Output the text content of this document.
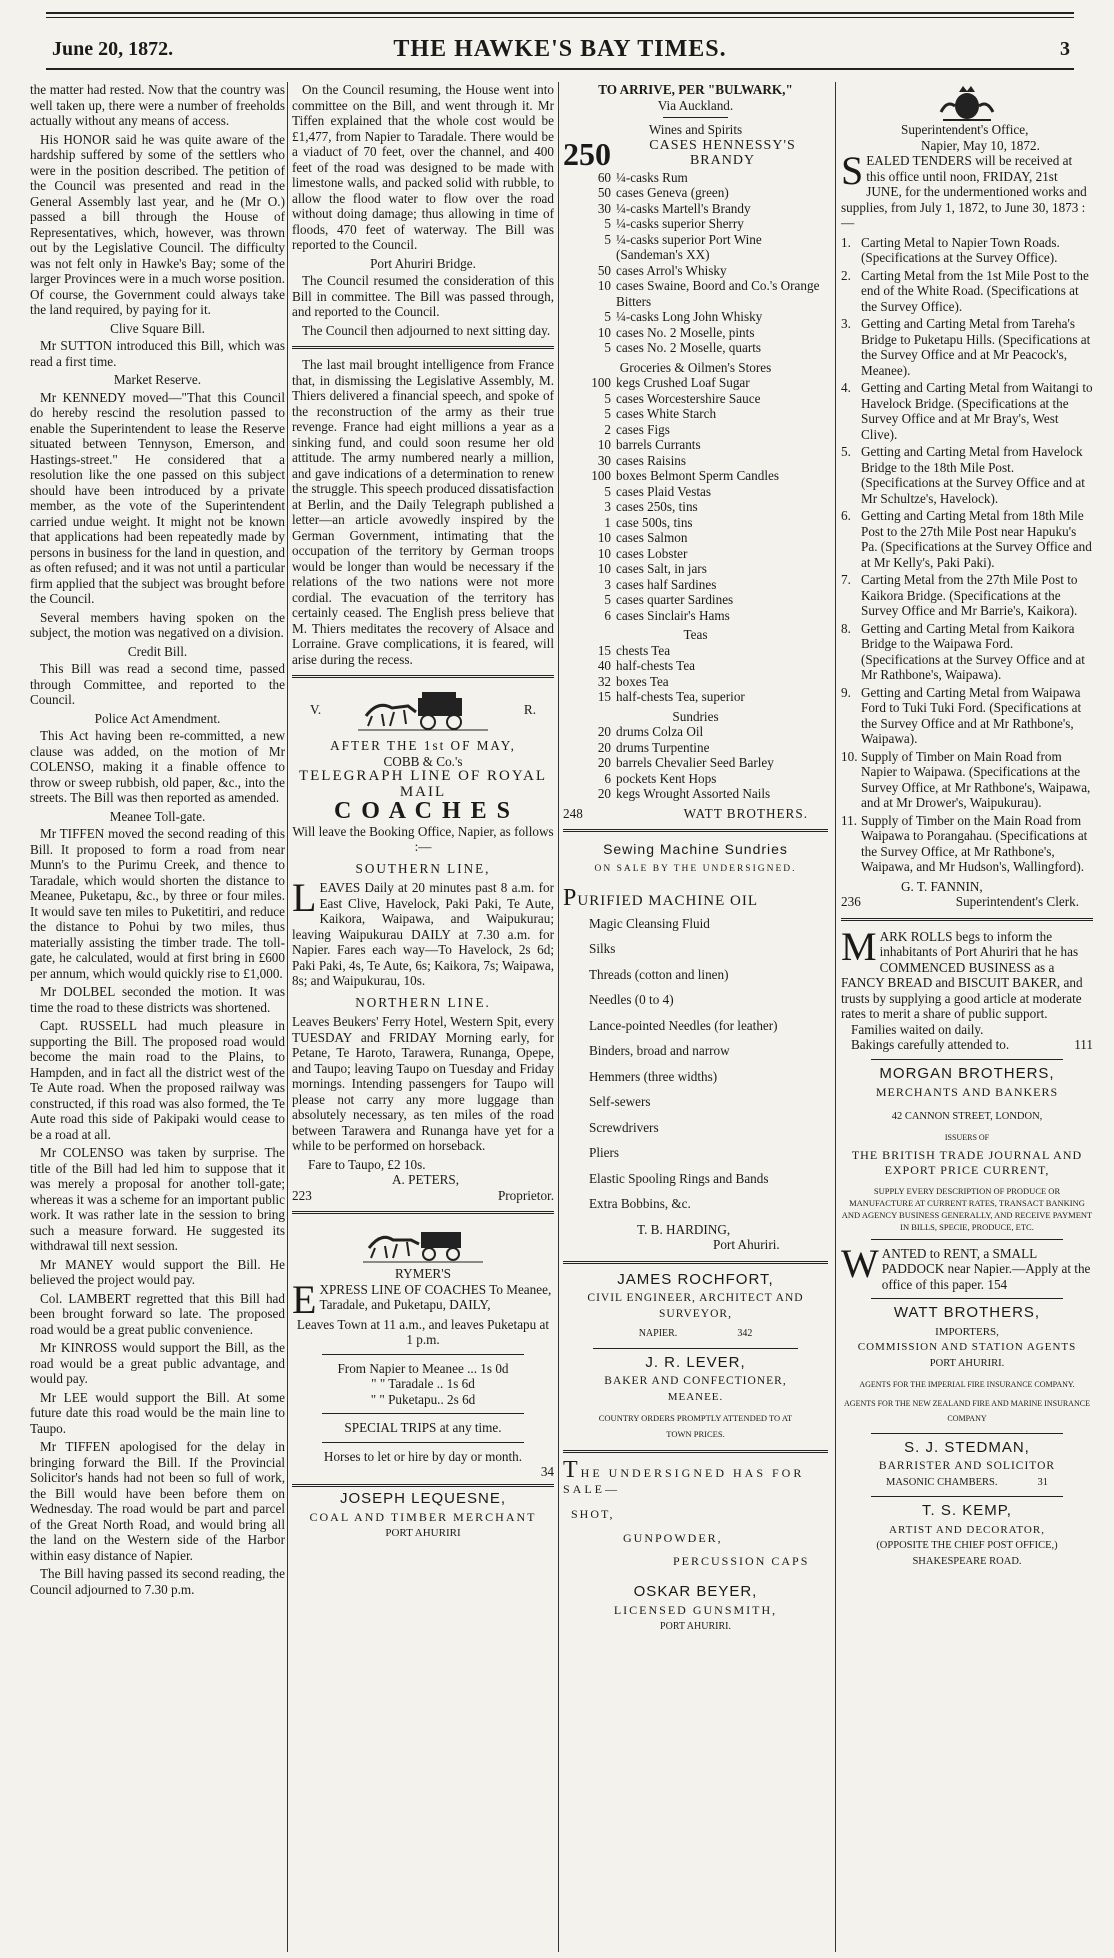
June 20, 1872.	THE HAWKE'S BAY TIMES.	3

the matter had rested. Now that the country was well taken up, there were a number of freeholds actually without any means of access.

His HONOR said he was quite aware of the hardship suffered by some of the settlers who were in the position described. The petition of the Council was presented and read in the General Assembly last year, and he (Mr O.) passed a bill through the House of Representatives, which, however, was thrown out by the Legislative Council. The difficulty was not felt only in Hawke's Bay; some of the larger Provinces were in a much worse position. Of course, the Government could always take the land required, by paying for it.

Clive Square Bill.

Mr SUTTON introduced this Bill, which was read a first time.

Market Reserve.

Mr KENNEDY moved—"That this Council do hereby rescind the resolution passed to enable the Superintendent to lease the Reserve situated between Tennyson, Emerson, and Hastings-street." He considered that a resolution like the one passed on this subject should have been introduced by a private member, as the vote of the Superintendent carried undue weight. It might not be known that applications had been repeatedly made by persons in business for the land in question, and as often refused; and it was not until a particular firm applied that the subject was brought before the Council.

Several members having spoken on the subject, the motion was negatived on a division.

Credit Bill.

This Bill was read a second time, passed through Committee, and reported to the Council.

Police Act Amendment.

This Act having been re-committed, a new clause was added, on the motion of Mr COLENSO, making it a finable offence to throw or sweep rubbish, old paper, &c., into the streets. The Bill was then reported as amended.

Meanee Toll-gate.

Mr TIFFEN moved the second reading of this Bill. It proposed to form a road from near Munn's to the Purimu Creek, and thence to Taradale, which would shorten the distance to Meanee, Puketapu, &c., by three or four miles. It would save ten miles to Puketitiri, and reduce the distance to Pohui by two miles, thus materially assisting the timber trade. The toll-gate, he calculated, would at first bring in £600 per annum, which would quickly rise to £1,000.

Mr DOLBEL seconded the motion. It was time the road to these districts was shortened.

Capt. RUSSELL had much pleasure in supporting the Bill. The proposed road would become the main road to the Plains, to Hampden, and in fact all the district west of the Te Aute road. When the proposed railway was constructed, if this road was also formed, the Te Aute road this side of Pakipaki would cease to be a road at all.

Mr COLENSO was taken by surprise. The title of the Bill had led him to suppose that it was merely a proposal for another toll-gate; whereas it was a scheme for an important public work. It was rather late in the session to bring such a measure forward. He suggested its withdrawal till next session.

Mr MANEY would support the Bill. He believed the project would pay.

Col. LAMBERT regretted that this Bill had been brought forward so late. The proposed road would be a great public convenience.

Mr KINROSS would support the Bill, as the road would be a great public advantage, and would pay.

Mr LEE would support the Bill. At some future date this road would be the main line to Taupo.

Mr TIFFEN apologised for the delay in bringing forward the Bill. If the Provincial Solicitor's hands had not been so full of work, the Bill would have been before them on Wednesday. The road would be part and parcel of the Great North Road, and would bring all the land on the Western side of the Harbor within easy distance of Napier.

The Bill having passed its second reading, the Council adjourned to 7.30 p.m.

On the Council resuming, the House went into committee on the Bill, and went through it. Mr Tiffen explained that the whole cost would be £1,477, from Napier to Taradale. There would be a viaduct of 70 feet, over the channel, and 400 feet of the road was designed to be made with limestone walls, and packed solid with rubble, to allow the flood water to flow over the road without doing damage; thus allowing in time of floods, 470 feet of waterway. The Bill was reported to the Council.

Port Ahuriri Bridge.

The Council resumed the consideration of this Bill in committee. The Bill was passed through, and reported to the Council.

The Council then adjourned to next sitting day.

The last mail brought intelligence from France that, in dismissing the Legislative Assembly, M. Thiers delivered a financial speech, and spoke of the reconstruction of the army as their true revenge. France had eight millions a year as a sinking fund, and could soon resume her old attitude. The army numbered nearly a million, and gave indications of a determination to renew the struggle. This speech produced dissatisfaction at Berlin, and the Daily Telegraph published a letter—an article avowedly inspired by the German Government, intimating that the occupation of the territory by German troops would be longer than would be necessary if the relations of the two nations were not more cordial. The evacuation of the territory has certainly ceased. The English press believe that M. Thiers meditates the recovery of Alsace and Lorraine. Grave complications, it is feared, will arise during the recess.

V.	R.
AFTER THE 1st OF MAY,
COBB & Co.'s
TELEGRAPH LINE OF ROYAL MAIL
C O A C H E S
Will leave the Booking Office, Napier, as follows :—
SOUTHERN LINE,
LEAVES Daily at 20 minutes past 8 a.m. for East Clive, Havelock, Paki Paki, Te Aute, Kaikora, Waipawa, and Waipukurau; leaving Waipukurau DAILY at 7.30 a.m. for Napier. Fares each way—To Havelock, 2s 6d; Paki Paki, 4s, Te Aute, 6s; Kaikora, 7s; Waipawa, 8s; and Waipukurau, 10s.
NORTHERN LINE.

Leaves Beukers' Ferry Hotel, Western Spit, every TUESDAY and FRIDAY Morning early, for Petane, Te Haroto, Tarawera, Runanga, Opepe, and Taupo; leaving Taupo on Tuesday and Friday mornings. Intending passengers for Taupo will please not carry any more luggage than absolutely necessary, as ten miles of the road between Tarawera and Runanga have yet for a while to be performed on horseback.

Fare to Taupo, £2 10s.
A. PETERS,
223	Proprietor.
RYMER'S
EXPRESS LINE OF COACHES To Meanee, Taradale, and Puketapu, DAILY,
Leaves Town at 11 a.m., and leaves Puketapu at 1 p.m.
From Napier to Meanee ... 1s 0d
" " Taradale .. 1s 6d
" " Puketapu.. 2s 6d
SPECIAL TRIPS at any time.
Horses to let or hire by day or month.
34
JOSEPH LEQUESNE,
COAL AND TIMBER MERCHANT
PORT AHURIRI
TO ARRIVE, PER "BULWARK,"
Via Auckland.
Wines and Spirits
250	CASES HENNESSY'S BRANDY
60 ¼-casks Rum
50 cases Geneva (green)
30 ¼-casks Martell's Brandy
5 ¼-casks superior Sherry
5 ¼-casks superior Port Wine (Sandeman's XX)
50 cases Arrol's Whisky
10 cases Swaine, Boord and Co.'s Orange Bitters
5 ¼-casks Long John Whisky
10 cases No. 2 Moselle, pints
5 cases No. 2 Moselle, quarts
Groceries & Oilmen's Stores
100 kegs Crushed Loaf Sugar
5 cases Worcestershire Sauce
5 cases White Starch
2 cases Figs
10 barrels Currants
30 cases Raisins
100 boxes Belmont Sperm Candles
5 cases Plaid Vestas
3 cases 250s, tins
1 case 500s, tins
10 cases Salmon
10 cases Lobster
10 cases Salt, in jars
3 cases half Sardines
5 cases quarter Sardines
6 cases Sinclair's Hams
Teas
15 chests Tea
40 half-chests Tea
32 boxes Tea
15 half-chests Tea, superior
Sundries
20 drums Colza Oil
20 drums Turpentine
20 barrels Chevalier Seed Barley
6 pockets Kent Hops
20 kegs Wrought Assorted Nails
248	WATT BROTHERS.
Sewing Machine Sundries
ON SALE BY THE UNDERSIGNED.
PURIFIED MACHINE OIL
Magic Cleansing Fluid
Silks
Threads (cotton and linen)
Needles (0 to 4)
Lance-pointed Needles (for leather)
Binders, broad and narrow
Hemmers (three widths)
Self-sewers
Screwdrivers
Pliers
Elastic Spooling Rings and Bands
Extra Bobbins, &c.
T. B. HARDING,
Port Ahuriri.
JAMES ROCHFORT,
CIVIL ENGINEER, ARCHITECT AND SURVEYOR,
NAPIER.	342
J. R. LEVER,
BAKER AND CONFECTIONER,
MEANEE.
COUNTRY ORDERS PROMPTLY ATTENDED TO AT TOWN PRICES.
THE UNDERSIGNED HAS FOR SALE—
SHOT,
GUNPOWDER,
PERCUSSION CAPS
OSKAR BEYER,
LICENSED GUNSMITH,
PORT AHURIRI.
Superintendent's Office,
Napier, May 10, 1872.
SEALED TENDERS will be received at this office until noon, FRIDAY, 21st JUNE, for the undermentioned works and supplies, from July 1, 1872, to June 30, 1873 :—
1. Carting Metal to Napier Town Roads. (Specifications at the Survey Office).
2. Carting Metal from the 1st Mile Post to the end of the White Road. (Specifications at the Survey Office).
3. Getting and Carting Metal from Tareha's Bridge to Puketapu Hills. (Specifications at the Survey Office and at Mr Peacock's, Meanee).
4. Getting and Carting Metal from Waitangi to Havelock Bridge. (Specifications at the Survey Office and at Mr Bray's, West Clive).
5. Getting and Carting Metal from Havelock Bridge to the 18th Mile Post. (Specifications at the Survey Office and at Mr Schultze's, Havelock).
6. Getting and Carting Metal from 18th Mile Post to the 27th Mile Post near Hapuku's Pa. (Specifications at the Survey Office and at Mr Kelly's, Paki Paki).
7. Carting Metal from the 27th Mile Post to Kaikora Bridge. (Specifications at the Survey Office and Mr Barrie's, Kaikora).
8. Getting and Carting Metal from Kaikora Bridge to the Waipawa Ford. (Specifications at the Survey Office and at Mr Rathbone's, Waipawa).
9. Getting and Carting Metal from Waipawa Ford to Tuki Tuki Ford. (Specifications at the Survey Office and at Mr Rathbone's, Waipawa).
10. Supply of Timber on Main Road from Napier to Waipawa. (Specifications at the Survey Office, at Mr Rathbone's, Waipawa, and at Mr Drower's, Waipukurau).
11. Supply of Timber on the Main Road from Waipawa to Porangahau. (Specifications at the Survey Office, at Mr Rathbone's, Waipawa, and Mr Hudson's, Wallingford).
G. T. FANNIN,
236	Superintendent's Clerk.
MARK ROLLS begs to inform the inhabitants of Port Ahuriri that he has COMMENCED BUSINESS as a FANCY BREAD and BISCUIT BAKER, and trusts by supplying a good article at moderate rates to merit a share of public support.
Families waited on daily.
Bakings carefully attended to.	111
MORGAN BROTHERS,
MERCHANTS AND BANKERS
42 CANNON STREET, LONDON,
ISSUERS OF
THE BRITISH TRADE JOURNAL AND EXPORT PRICE CURRENT,
SUPPLY EVERY DESCRIPTION OF PRODUCE OR MANUFACTURE AT CURRENT RATES, TRANSACT BANKING AND AGENCY BUSINESS GENERALLY, AND RECEIVE PAYMENT IN BILLS, SPECIE, PRODUCE, ETC.
WANTED to RENT, a SMALL PADDOCK near Napier.—Apply at the office of this paper. 154
WATT BROTHERS,
IMPORTERS,
COMMISSION AND STATION AGENTS
PORT AHURIRI.
AGENTS FOR THE IMPERIAL FIRE INSURANCE COMPANY.
AGENTS FOR THE NEW ZEALAND FIRE AND MARINE INSURANCE COMPANY
S. J. STEDMAN,
BARRISTER AND SOLICITOR
MASONIC CHAMBERS.	31
T. S. KEMP,
ARTIST AND DECORATOR,
(OPPOSITE THE CHIEF POST OFFICE,)
SHAKESPEARE ROAD.
